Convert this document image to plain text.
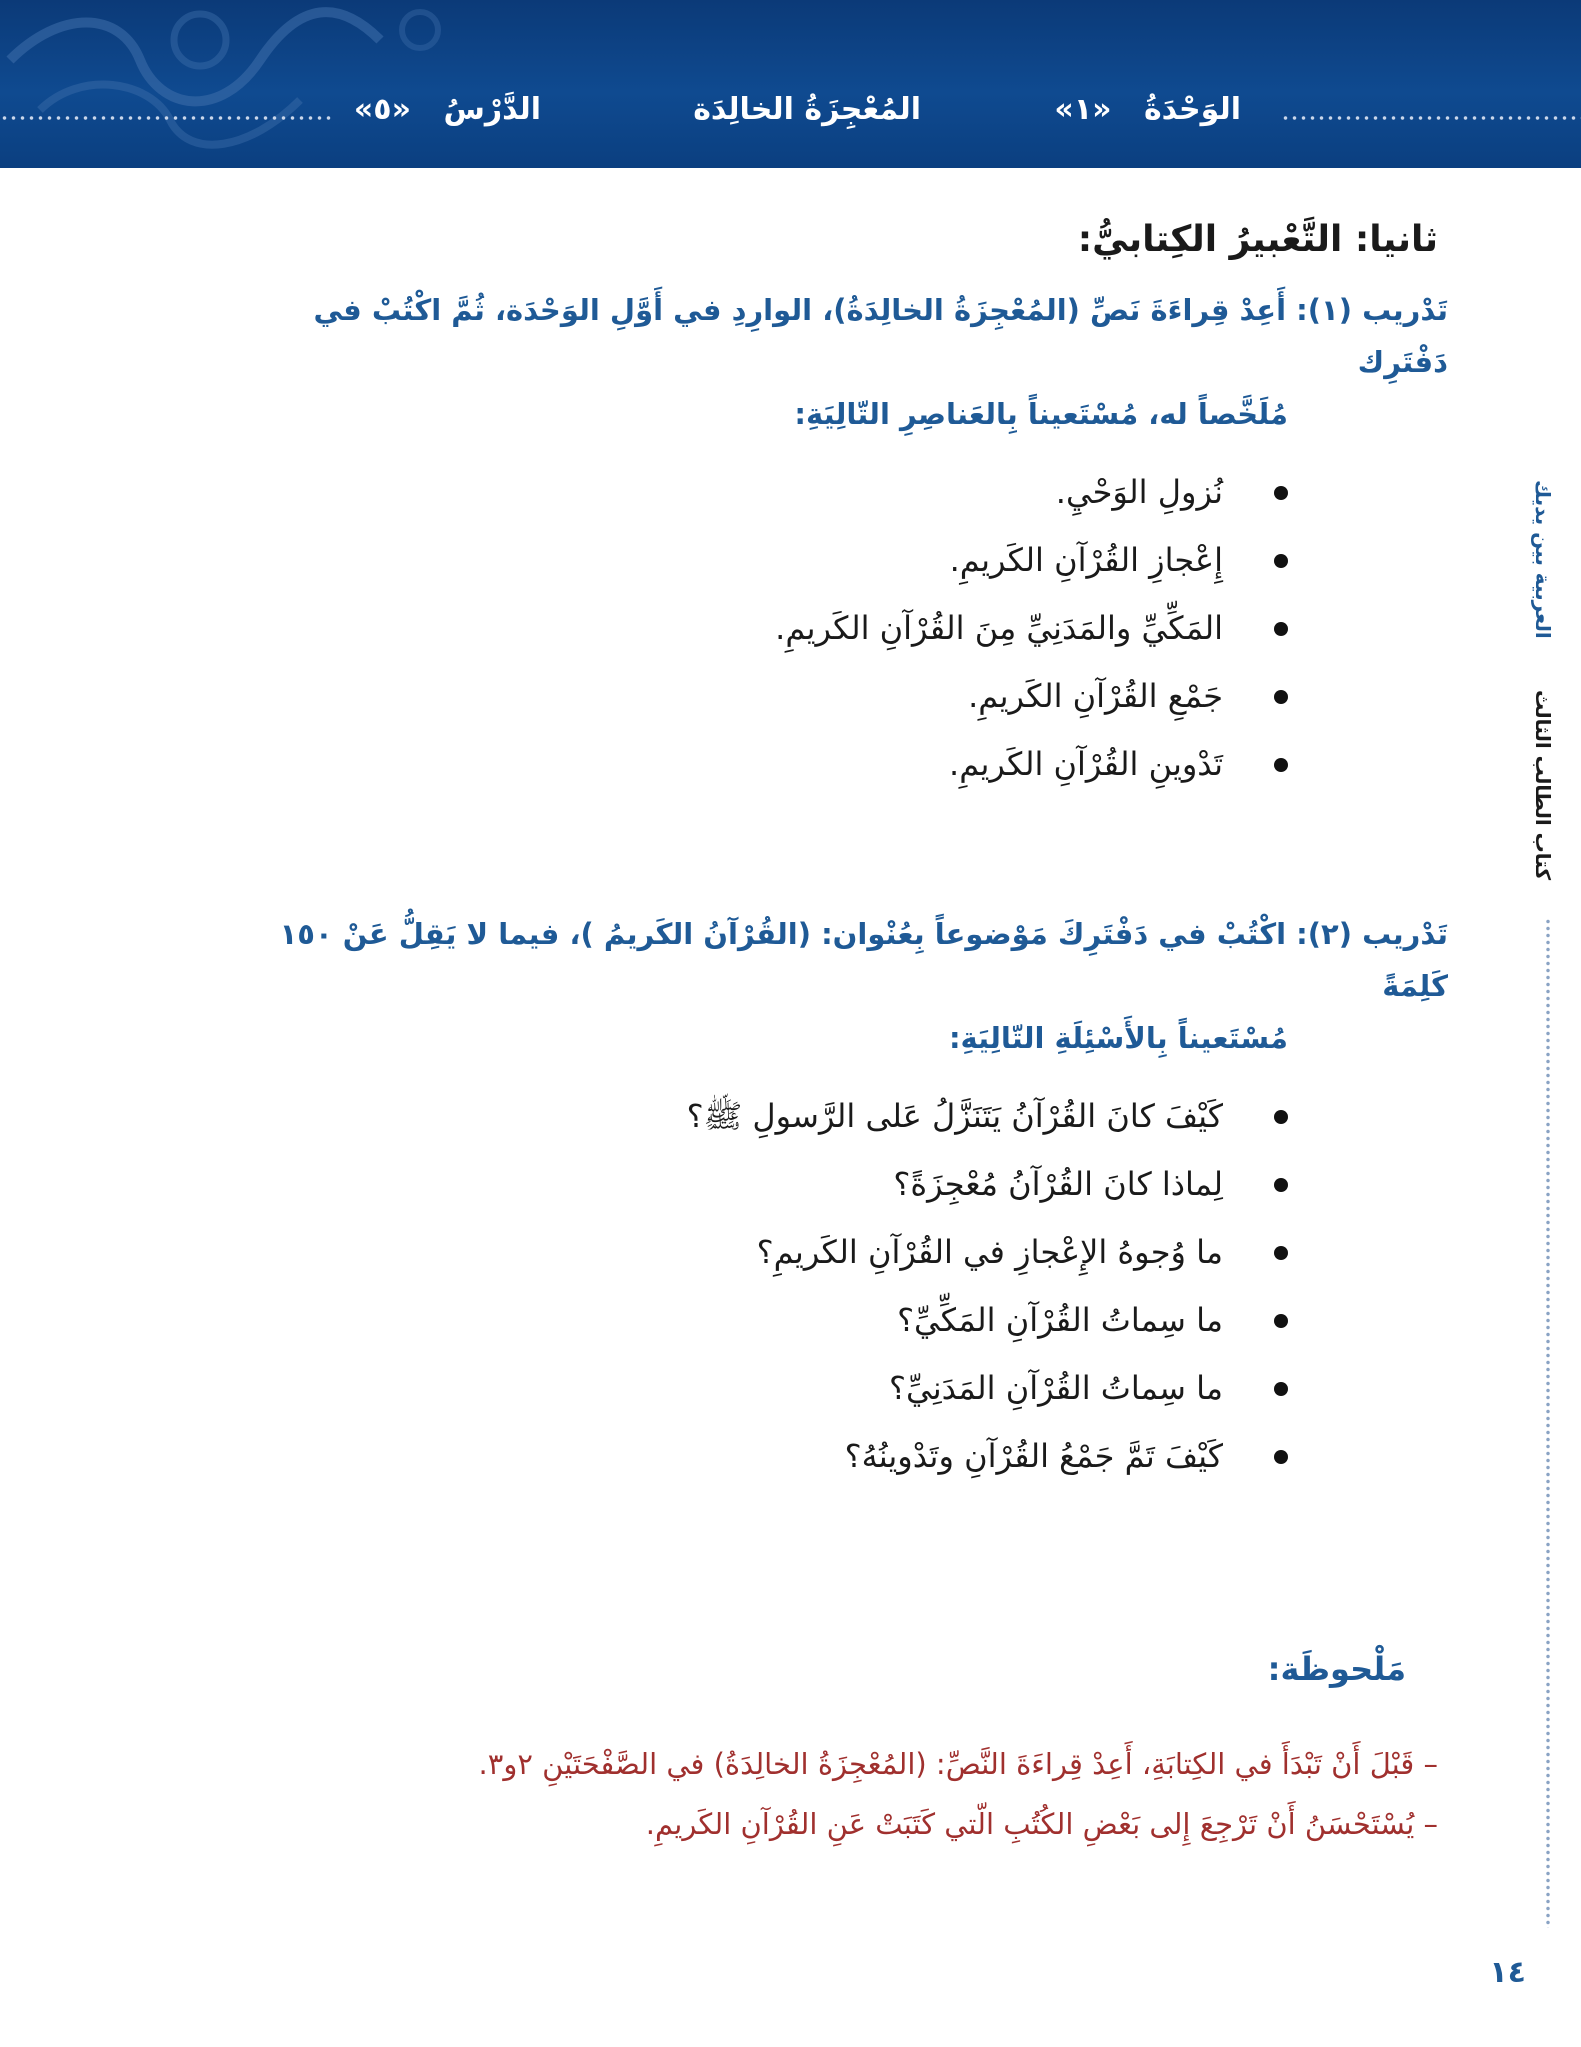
الوَحْدَةُ «١»
المُعْجِزَةُ الخالِدَة
الدَّرْسُ «٥»
ثانيا: التَّعْبيرُ الكِتابيُّ:
تَدْريب (١): أَعِدْ قِراءَةَ نَصِّ (المُعْجِزَةُ الخالِدَةُ)، الوارِدِ في أَوَّلِ الوَحْدَة، ثُمَّ اكْتُبْ في دَفْتَرِك
مُلَخَّصاً له، مُسْتَعيناً بِالعَناصِرِ التّالِيَةِ:
نُزولِ الوَحْيِ.
إِعْجازِ القُرْآنِ الكَريمِ.
المَكِّيِّ والمَدَنِيِّ مِنَ القُرْآنِ الكَريمِ.
جَمْعِ القُرْآنِ الكَريمِ.
تَدْوينِ القُرْآنِ الكَريمِ.
تَدْريب (٢): اكْتُبْ في دَفْتَرِكَ مَوْضوعاً بِعُنْوان: (القُرْآنُ الكَريمُ )، فيما لا يَقِلُّ عَنْ ١٥٠ كَلِمَةً
مُسْتَعيناً بِالأَسْئِلَةِ التّالِيَةِ:
كَيْفَ كانَ القُرْآنُ يَتَنَزَّلُ عَلى الرَّسولِ ﷺ؟
لِماذا كانَ القُرْآنُ مُعْجِزَةً؟
ما وُجوهُ الإِعْجازِ في القُرْآنِ الكَريمِ؟
ما سِماتُ القُرْآنِ المَكِّيِّ؟
ما سِماتُ القُرْآنِ المَدَنِيِّ؟
كَيْفَ تَمَّ جَمْعُ القُرْآنِ وتَدْوينُهُ؟
مَلْحوظَة:
– قَبْلَ أَنْ تَبْدَأَ في الكِتابَةِ، أَعِدْ قِراءَةَ النَّصِّ: (المُعْجِزَةُ الخالِدَةُ) في الصَّفْحَتَيْنِ ٢و٣.
– يُسْتَحْسَنُ أَنْ تَرْجِعَ إِلى بَعْضِ الكُتُبِ الّتي كَتَبَتْ عَنِ القُرْآنِ الكَريمِ.
العربية بين يديك
كتاب الطالب الثالث
١٤
